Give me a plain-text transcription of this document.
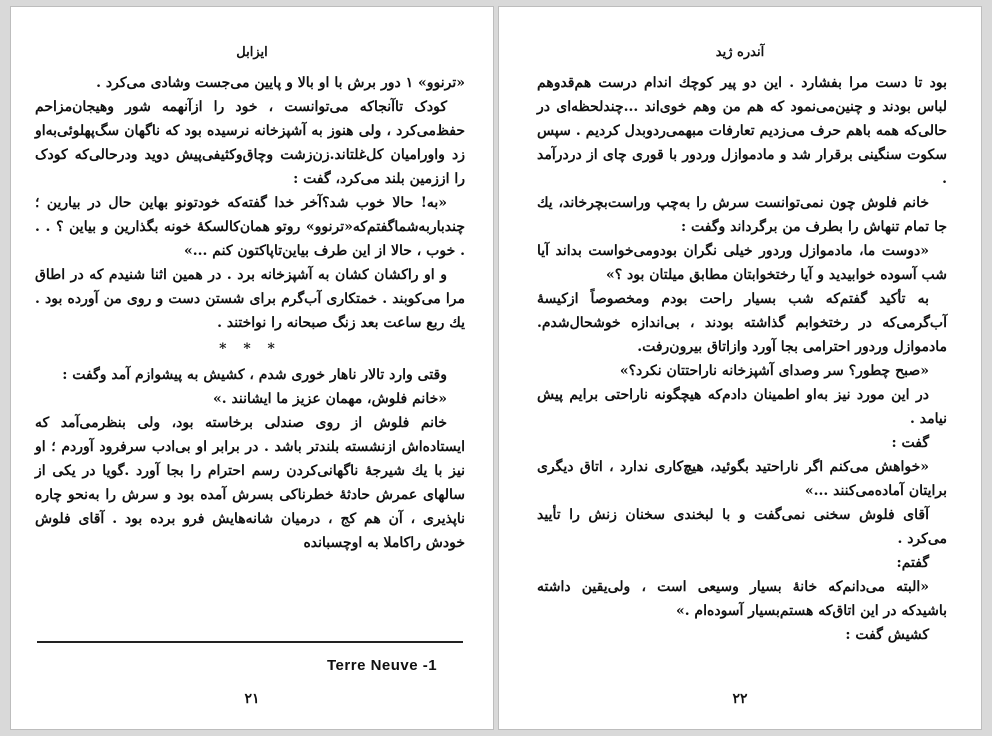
ایزابل

«ترنوو» ۱ دور برش با او بالا و پایین می‌جست وشادی‌ می‌کرد .

کودک تاآنجاکه می‌توانست ، خود را ازآنهمه شور وهیجان‌مزاحم حفظ‌می‌کرد ، ولی هنوز به آشپزخانه نرسیده بود که ناگهان سگ‌پهلوئی‌به‌او زد واوراميان کل‌غلتاند.زن‌زشت وچاق‌وکثیفی‌پیش دوید ودرحالی‌که کودک را اززمین بلند می‌کرد، گفت :

«به! حالا خوب شد؟آخر خدا گفته‌که خودتونو بهاین حال در بیارین ؛ چندباربه‌شماگفتم‌که«ترنوو» روتو همان‌کالسکهٔ خونه بگذارین و بیاین ؟ . . . خوب ، حالا از این طرف بیاین‌تاپاکتون کنم ...»

و او راکشان کشان به آشپزخانه برد . در همین اثنا شنیدم که در اطاق مرا می‌کوبند . خمتکاری آب‌گرم برای شستن دست و روی من آورده بود . یك ربع ساعت بعد زنگ صبحانه را نواختند .

* * *

وقتی وارد تالار ناهار خوری شدم ، کشیش به پیشوازم آمد وگفت :

«خانم فلوش، مهمان عزیز ما ایشانند .»

خانم فلوش از روی صندلی برخاسته بود، ولی بنظرمی‌آمد که ایستاده‌اش ازنشسته بلندتر باشد . در برابر او بی‌ادب سرفرود آوردم ؛ او نیز با یك شیرجهٔ ناگهانی‌کردن رسم احترام را بجا آورد .گویا در یکی از سالهای عمرش حادثهٔ خطرناکی بسرش آمده بود و سرش را به‌نحو چاره ناپذیری ، آن هم کج ، درمیان شانه‌هایش فرو برده بود . آقای فلوش خودش راکاملا به اوچسبانده

Terre Neuve -1
۲۱
آندره ژید

بود تا دست مرا بفشارد . این دو پیر کوچك اندام درست هم‌قدوهم لباس بودند و چنین‌می‌نمود که هم من وهم خوی‌اند ...چندلحظه‌ای در حالی‌که همه باهم حرف می‌زدیم تعارفات مبهمی‌ردوبدل کردیم . سپس سکوت سنگینی برقرار شد و مادموازل وردور با قوری چای از دردرآمد .

خانم فلوش چون نمی‌توانست سرش را به‌چپ وراست‌بچرخاند، یك جا تمام تنهاش را بطرف من برگرداند وگفت :

«دوست ما، مادموازل وردور خیلی نگران بودومی‌خواست بداند آیا شب آسوده خوابیدید و آیا رختخوابتان مطابق میلتان بود ؟»

به تأکید گفتم‌که شب بسیار راحت بودم ومخصوصاً ازکیسهٔ آب‌گرمی‌که در رختخوابم گذاشته بودند ، بی‌اندازه خوشحال‌شدم. مادموازل وردور احترامی بجا آورد وازاتاق بیرون‌رفت.

«صبح چطور؟ سر وصدای آشپزخانه ناراحتتان نکرد؟»

در این مورد نیز به‌او اطمینان دادم‌که هیچگونه ناراحتی برایم پیش نیامد .

گفت :

«خواهش می‌کنم اگر ناراحتید بگوئید، هیچ‌کاری ندارد ، اتاق دیگری برایتان آماده‌می‌کنند ...»

آقای فلوش سخنی نمی‌گفت و با لبخندی سخنان زنش را تأیید می‌کرد .

گفتم:

«البته می‌دانم‌که خانهٔ بسیار وسیعی است ، ولی‌یقین داشته باشیدکه در این اتاق‌که هستم‌بسیار آسوده‌ام .»

کشیش گفت :

۲۲
